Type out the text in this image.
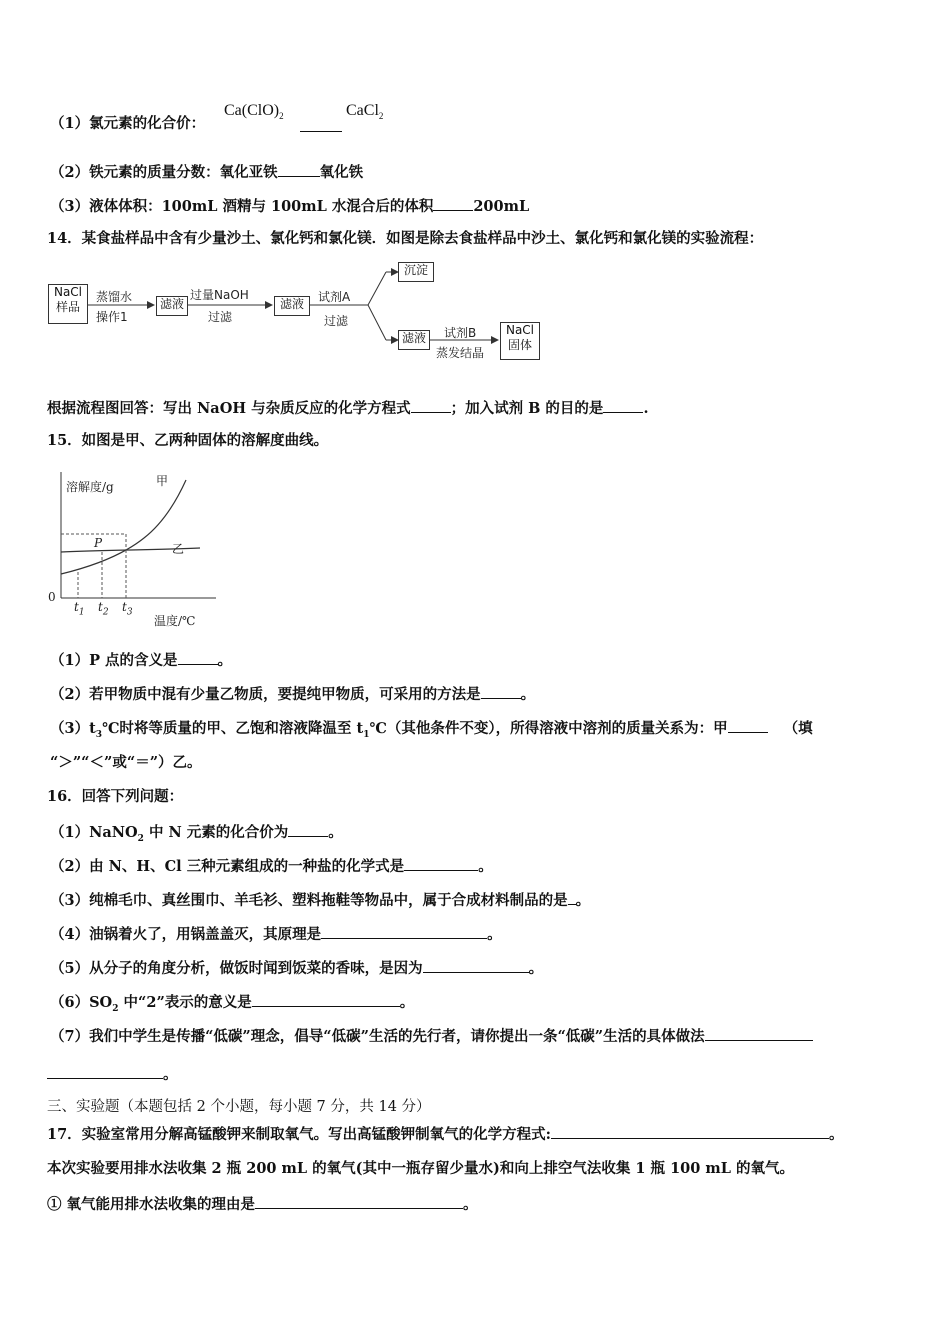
（1）氯元素的化合价：
$Ca(ClO)_2$	CaCl$_2$
（2）铁元素的质量分数：氧化亚铁	氧化铁
（3）液体体积：100mL 酒精与 100mL 水混合后的体积	200mL
14．某食盐样品中含有少量沙土、氯化钙和氯化镁．如图是除去食盐样品中沙土、氯化钙和氯化镁的实验流程：
NaCl
样品
蒸馏水
操作1
滤液
过量NaOH
过滤
滤液	试剂A
过滤
沉淀
滤液	试剂B
蒸发结晶
NaCl
固体
根据流程图回答：写出 NaOH 与杂质反应的化学方程式	；加入试剂 B 的目的是	.
15．如图是甲、乙两种固体的溶解度曲线。
溶解度/g	甲
乙
P
0
$t_1$ $t_2$ $t_3$
温度/℃
（1）P 点的含义是	。
（2）若甲物质中混有少量乙物质，要提纯甲物质，可采用的方法是	。
$(3)t_3℃$时将等质量的甲、乙饱和溶液降温至 $t_1℃$（其他条件不变），所得溶液中溶剂的质量关系为：甲	（填
“＞”“＜”或“＝”）乙。
16．回答下列问题：
（1）NaNO$_2$ 中 N 元素的化合价为	。
（2）由 N、H、Cl 三种元素组成的一种盐的化学式是	。
（3）纯棉毛巾、真丝围巾、羊毛衫、塑料拖鞋等物品中，属于合成材料制品的是 。
（4）油锅着火了，用锅盖盖灭，其原理是	。
（5）从分子的角度分析，做饭时闻到饭菜的香味，是因为	。
$(6)SO_2$ 中“2”表示的意义是	。
（7）我们中学生是传播“低碳”理念，倡导“低碳”生活的先行者，请你提出一条“低碳”生活的具体做法
。
三、实验题（本题包括 2 个小题，每小题 7 分，共 14 分）
17．实验室常用分解高锰酸钾来制取氧气。写出高锰酸钾制氧气的化学方程式:	。
本次实验要用排水法收集 2 瓶 200 mL 的氧气(其中一瓶存留少量水)和向上排空气法收集 1 瓶 100 mL 的氧气。
① 氧气能用排水法收集的理由是	。
